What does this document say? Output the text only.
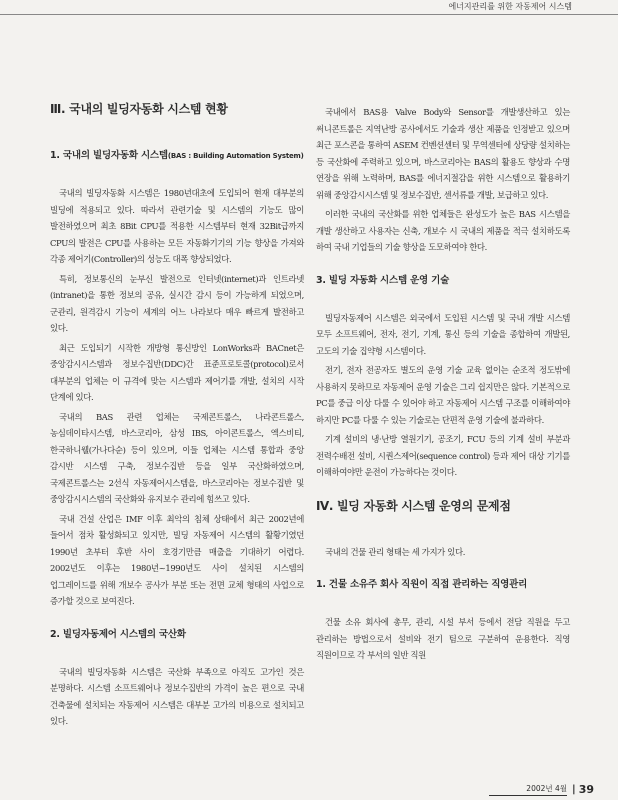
에너지관리를 위한 자동제어 시스템
Ⅲ. 국내의 빌딩자동화 시스템 현황
1. 국내의 빌딩자동화 시스템(BAS : Building Automation System)

국내의 빌딩자동화 시스템은 1980년대초에 도입되어 현재 대부분의 빌딩에 적용되고 있다. 따라서 관련기술 및 시스템의 기능도 많이 발전하였으며 최초 8Bit CPU를 적용한 시스템부터 현재 32Bit급까지 CPU의 발전은 CPU를 사용하는 모든 자동화기기의 기능 향상을 가져와 각종 제어기(Controller)의 성능도 대폭 향상되었다.

특히, 정보통신의 눈부신 발전으로 인터넷(internet)과 인트라넷(intranet)을 통한 정보의 공유, 실시간 감시 등이 가능하게 되었으며, 군관리, 원격감시 기능이 세계의 어느 나라보다 매우 빠르게 발전하고 있다.

최근 도입되기 시작한 개방형 통신방인 LonWorks과 BACnet은 중앙감시시스템과 정보수집반(DDC)간 표준프로토콜(protocol)로서 대부분의 업체는 이 규격에 맞는 시스템과 제어기를 개발, 설치의 시작 단계에 있다.

국내의 BAS 관련 업체는 국제콘트롤스, 나라콘트롤스, 농심데이타시스템, 바스코리아, 삼성 IBS, 아이콘트롤스, 엑스비티, 한국하니웰(가나다순) 등이 있으며, 이들 업체는 시스템 통합과 중앙 감시반 시스템 구축, 정보수집반 등을 일부 국산화하였으며, 국제콘트롤스는 2선식 자동제어시스템을, 바스코리아는 정보수집반 및 중앙감시시스템의 국산화와 유지보수 관리에 힘쓰고 있다.

국내 건설 산업은 IMF 이후 최악의 침체 상태에서 최근 2002년에 들어서 점차 활성화되고 있지만, 빌딩 자동제어 시스템의 활황기였던 1990년 초부터 후반 사이 호경기만큼 매출을 기대하기 어렵다. 2002년도 이후는 1980년~1990년도 사이 설치된 시스템의 업그레이드를 위해 개보수 공사가 부분 또는 전면 교체 형태의 사업으로 증가할 것으로 보여진다.

2. 빌딩자동제어 시스템의 국산화

국내의 빌딩자동화 시스템은 국산화 부족으로 아직도 고가인 것은 분명하다. 시스템 소프트웨어나 정보수집반의 가격이 높은 편으로 국내 건축물에 설치되는 자동제어 시스템은 대부분 고가의 비용으로 설치되고 있다.

국내에서 BAS용 Valve Body와 Sensor를 개발생산하고 있는 써니콘트롤은 지역난방 공사에서도 기술과 생산 제품을 인정받고 있으며 최근 포스콘을 통하여 ASEM 컨벤션센터 및 무역센터에 상당량 설치하는 등 국산화에 주력하고 있으며, 바스코리아는 BAS의 활용도 향상과 수명 연장을 위해 노력하며, BAS를 에너지절감을 위한 시스템으로 활용하기 위해 중앙감시시스템 및 정보수집반, 센서류를 개발, 보급하고 있다.

이러한 국내의 국산화를 위한 업체들은 완성도가 높은 BAS 시스템을 개발 생산하고 사용자는 신축, 개보수 시 국내의 제품을 적극 설치하도록 하여 국내 기업들의 기술 향상을 도모하여야 한다.

3. 빌딩 자동화 시스템 운영 기술

빌딩자동제어 시스템은 외국에서 도입된 시스템 및 국내 개발 시스템 모두 소프트웨어, 전자, 전기, 기계, 통신 등의 기술을 종합하여 개발된, 고도의 기술 집약형 시스템이다.

전기, 전자 전공자도 별도의 운영 기술 교육 없이는 순조적 정도밖에 사용하지 못하므로 자동제어 운영 기술은 그리 쉽지만은 않다. 기본적으로 PC를 중급 이상 다룰 수 있어야 하고 자동제어 시스템 구조를 이해하여야 하지만 PC를 다룰 수 있는 기술로는 단편적 운영 기술에 불과하다.

기계 설비의 냉·난방 열원기기, 공조기, FCU 등의 기계 설비 부분과 전력수배전 설비, 시퀀스제어(sequence control) 등과 제어 대상 기기를 이해하여야만 운전이 가능하다는 것이다.

Ⅳ. 빌딩 자동화 시스템 운영의 문제점

국내의 건물 관리 형태는 세 가지가 있다.

1. 건물 소유주 회사 직원이 직접 관리하는 직영관리

건물 소유 회사에 총무, 관리, 시설 부서 등에서 전담 직원을 두고 관리하는 방법으로서 설비와 전기 팀으로 구분하여 운용한다. 직영 직원이므로 각 부서의 일반 직원

2002년 4월 | 39
